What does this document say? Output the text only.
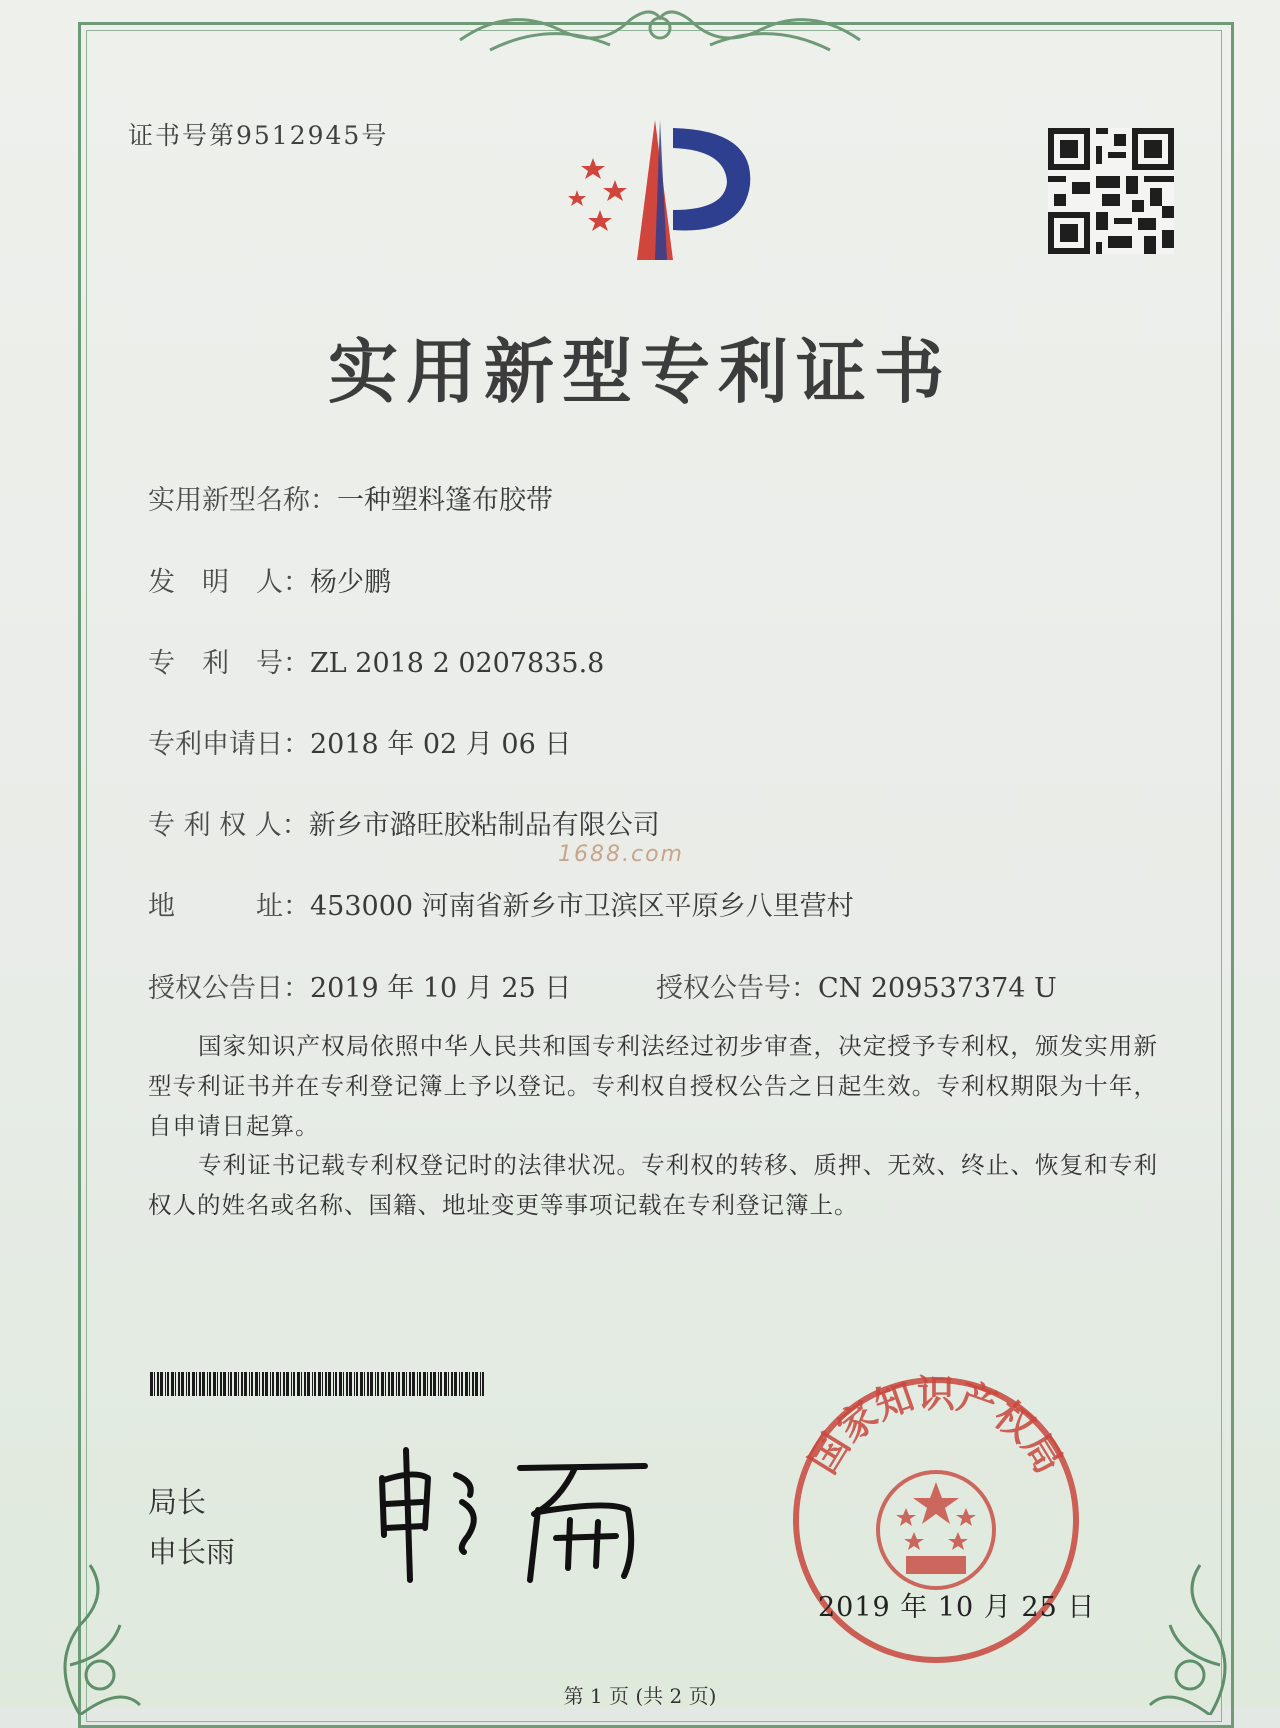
证书号第9512945号
实用新型专利证书
实用新型名称：一种塑料篷布胶带
发　明　人：杨少鹏
专　利　号：ZL 2018 2 0207835.8
专利申请日：2018 年 02 月 06 日
专 利 权 人：新乡市潞旺胶粘制品有限公司
1688.com
地　　　址：453000 河南省新乡市卫滨区平原乡八里营村
授权公告日：2019 年 10 月 25 日	授权公告号：CN 209537374 U
国家知识产权局依照中华人民共和国专利法经过初步审查，决定授予专利权，颁发实用新型专利证书并在专利登记簿上予以登记。专利权自授权公告之日起生效。专利权期限为十年，自申请日起算。
专利证书记载专利权登记时的法律状况。专利权的转移、质押、无效、终止、恢复和专利权人的姓名或名称、国籍、地址变更等事项记载在专利登记簿上。
局长
申长雨
国家知识产权局
2019 年 10 月 25 日
第 1 页 (共 2 页)
